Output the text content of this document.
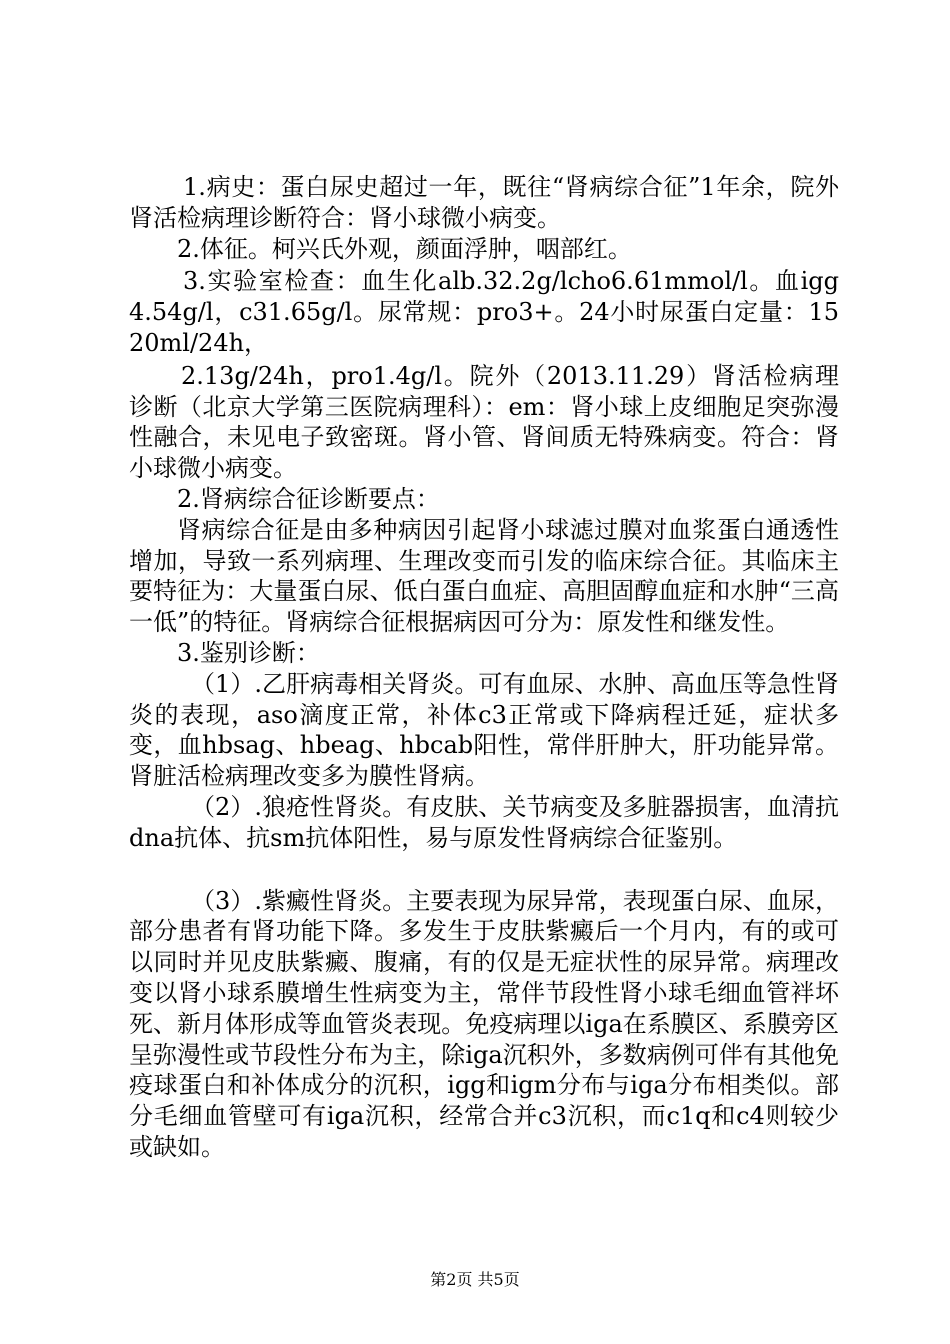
1.病史：蛋白尿史超过一年，既往“肾病综合征”1年余，院外肾活检病理诊断符合：肾小球微小病变。

2.体征。柯兴氏外观，颜面浮肿，咽部红。

3.实验室检查：血生化alb.32.2g/lcho6.61mmol/l。血igg4.54g/l，c31.65g/l。尿常规：pro3+。24小时尿蛋白定量：1520ml/24h，

2.13g/24h，pro1.4g/l。院外（2013.11.29）肾活检病理诊断（北京大学第三医院病理科）：em：肾小球上皮细胞足突弥漫性融合，未见电子致密斑。肾小管、肾间质无特殊病变。符合：肾小球微小病变。

2.肾病综合征诊断要点：

肾病综合征是由多种病因引起肾小球滤过膜对血浆蛋白通透性增加，导致一系列病理、生理改变而引发的临床综合征。其临床主要特征为：大量蛋白尿、低白蛋白血症、高胆固醇血症和水肿“三高一低”的特征。肾病综合征根据病因可分为：原发性和继发性。

3.鉴别诊断：

（1）.乙肝病毒相关肾炎。可有血尿、水肿、高血压等急性肾炎的表现，aso滴度正常，补体c3正常或下降病程迁延，症状多变，血hbsag、hbeag、hbcab阳性，常伴肝肿大，肝功能异常。肾脏活检病理改变多为膜性肾病。

（2）.狼疮性肾炎。有皮肤、关节病变及多脏器损害，血清抗dna抗体、抗sm抗体阳性，易与原发性肾病综合征鉴别。

（3）.紫癜性肾炎。主要表现为尿异常，表现蛋白尿、血尿，部分患者有肾功能下降。多发生于皮肤紫癜后一个月内，有的或可以同时并见皮肤紫癜、腹痛，有的仅是无症状性的尿异常。病理改变以肾小球系膜增生性病变为主，常伴节段性肾小球毛细血管袢坏死、新月体形成等血管炎表现。免疫病理以iga在系膜区、系膜旁区呈弥漫性或节段性分布为主，除iga沉积外，多数病例可伴有其他免疫球蛋白和补体成分的沉积，igg和igm分布与iga分布相类似。部分毛细血管壁可有iga沉积，经常合并c3沉积，而c1q和c4则较少或缺如。

第2页 共5页
